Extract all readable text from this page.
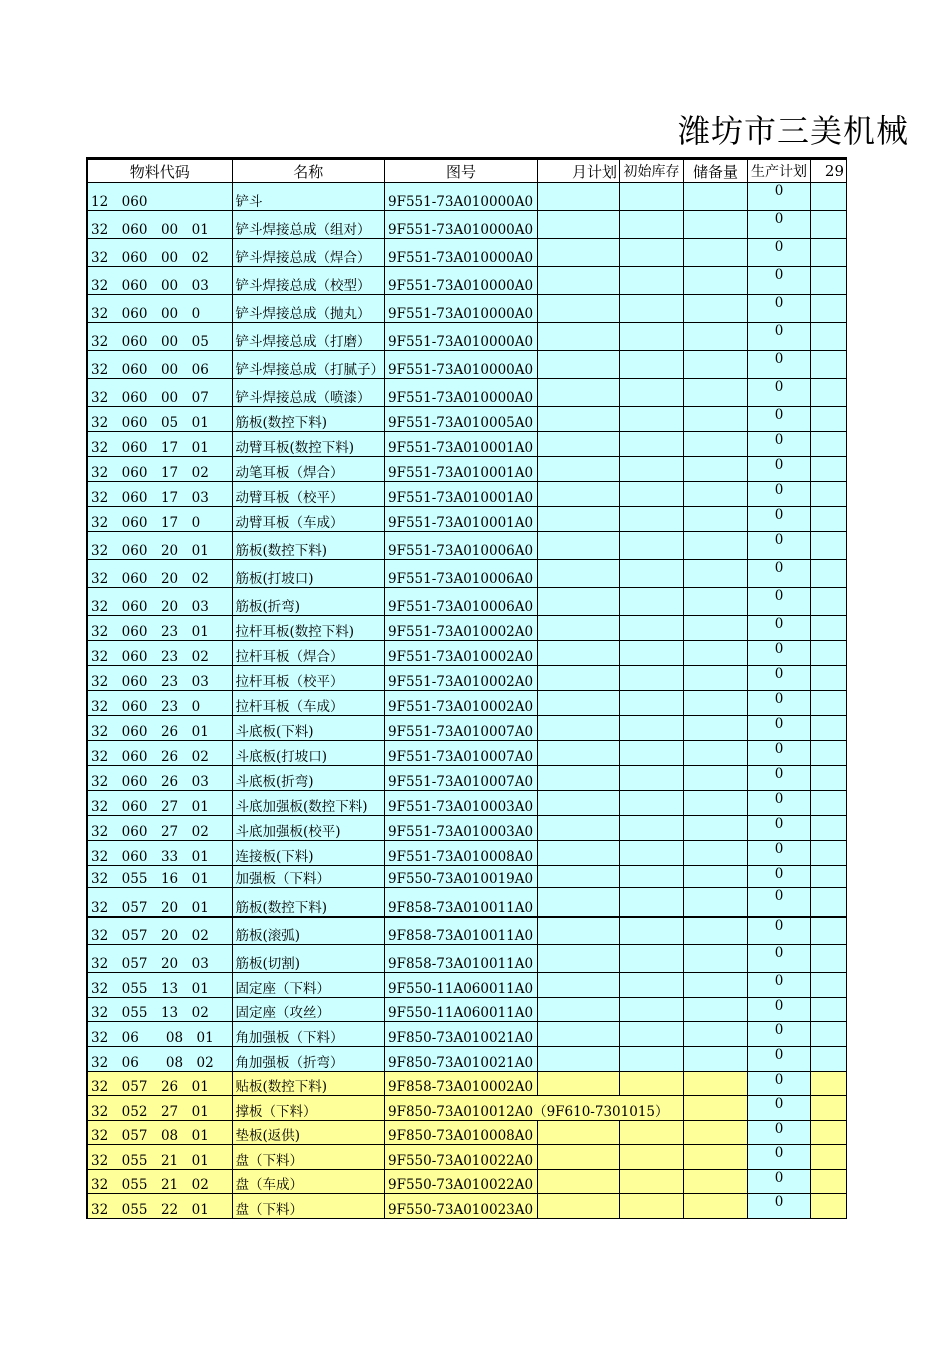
潍坊市三美机械
物料代码	名称	图号	月计划	初始库存	储备量	生产计划	29
12　060	铲斗	9F551-73A010000A0				0	
32　060　00　01	铲斗焊接总成（组对）	9F551-73A010000A0				0	
32　060　00　02	铲斗焊接总成（焊合）	9F551-73A010000A0				0	
32　060　00　03	铲斗焊接总成（校型）	9F551-73A010000A0				0	
32　060　00　0	铲斗焊接总成（抛丸）	9F551-73A010000A0				0	
32　060　00　05	铲斗焊接总成（打磨）	9F551-73A010000A0				0	
32　060　00　06	铲斗焊接总成（打腻子）	9F551-73A010000A0				0	
32　060　00　07	铲斗焊接总成（喷漆）	9F551-73A010000A0				0	
32　060　05　01	筋板(数控下料)	9F551-73A010005A0				0	
32　060　17　01	动臂耳板(数控下料)	9F551-73A010001A0				0	
32　060　17　02	动笔耳板（焊合）	9F551-73A010001A0				0	
32　060　17　03	动臂耳板（校平）	9F551-73A010001A0				0	
32　060　17　0	动臂耳板（车成）	9F551-73A010001A0				0	
32　060　20　01	筋板(数控下料)	9F551-73A010006A0				0	
32　060　20　02	筋板(打坡口)	9F551-73A010006A0				0	
32　060　20　03	筋板(折弯)	9F551-73A010006A0				0	
32　060　23　01	拉杆耳板(数控下料)	9F551-73A010002A0				0	
32　060　23　02	拉杆耳板（焊合）	9F551-73A010002A0				0	
32　060　23　03	拉杆耳板（校平）	9F551-73A010002A0				0	
32　060　23　0	拉杆耳板（车成）	9F551-73A010002A0				0	
32　060　26　01	斗底板(下料)	9F551-73A010007A0				0	
32　060　26　02	斗底板(打坡口)	9F551-73A010007A0				0	
32　060　26　03	斗底板(折弯)	9F551-73A010007A0				0	
32　060　27　01	斗底加强板(数控下料)	9F551-73A010003A0				0	
32　060　27　02	斗底加强板(校平)	9F551-73A010003A0				0	
32　060　33　01	连接板(下料)	9F551-73A010008A0				0	
32　055　16　01	加强板（下料）	9F550-73A010019A0				0	
32　057　20　01	筋板(数控下料)	9F858-73A010011A0				0	
32　057　20　02	筋板(滚弧)	9F858-73A010011A0				0	
32　057　20　03	筋板(切割)	9F858-73A010011A0				0	
32　055　13　01	固定座（下料）	9F550-11A060011A0				0	
32　055　13　02	固定座（攻丝）	9F550-11A060011A0				0	
32　06　　08　01	角加强板（下料）	9F850-73A010021A0				0	
32　06　　08　02	角加强板（折弯）	9F850-73A010021A0				0	
32　057　26　01	贴板(数控下料)	9F858-73A010002A0				0	
32　052　27　01	撑板（下料）	9F850-73A010012A0（9F610-7301015）				0	
32　057　08　01	垫板(返供)	9F850-73A010008A0				0	
32　055　21　01	盘（下料）	9F550-73A010022A0				0	
32　055　21　02	盘（车成）	9F550-73A010022A0				0	
32　055　22　01	盘（下料）	9F550-73A010023A0				0	
